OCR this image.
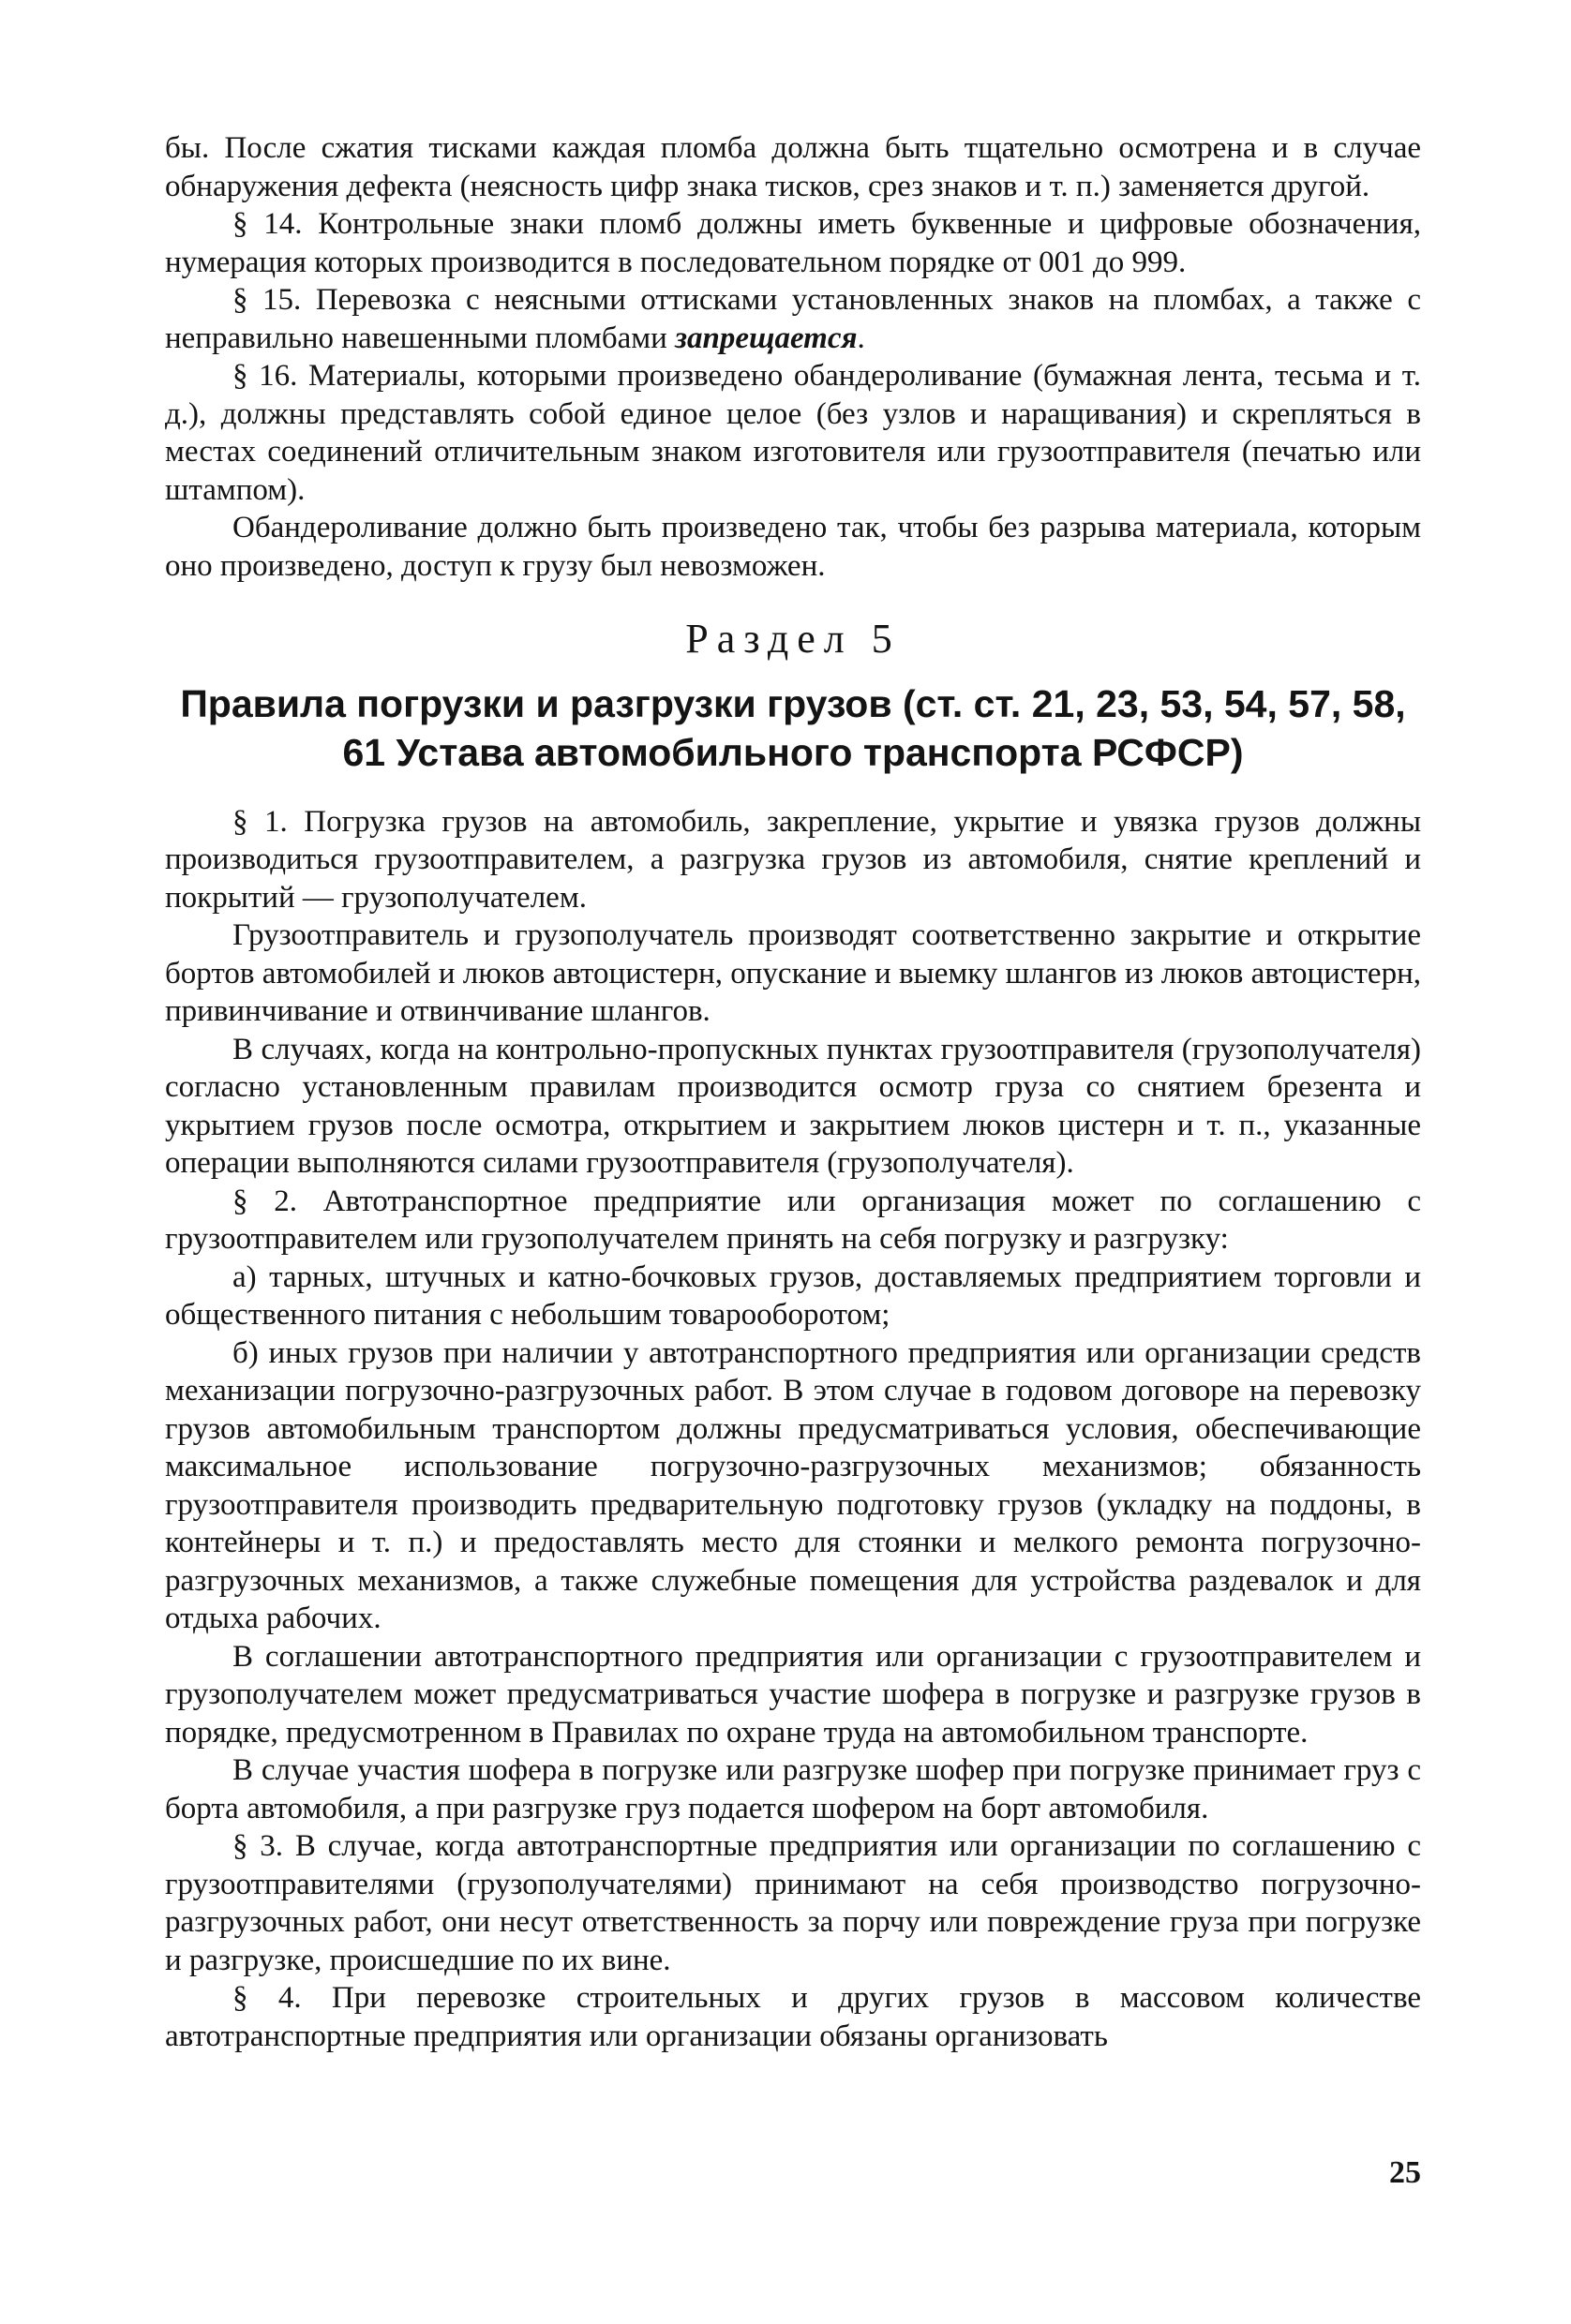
бы. После сжатия тисками каждая пломба должна быть тщательно осмотрена и в случае обнаружения дефекта (неясность цифр знака тисков, срез знаков и т. п.) заменяется другой.

§ 14. Контрольные знаки пломб должны иметь буквенные и цифровые обозначения, нумерация которых производится в последовательном порядке от 001 до 999.

§ 15. Перевозка с неясными оттисками установленных знаков на пломбах, а также с неправильно навешенными пломбами запрещается.

§ 16. Материалы, которыми произведено обандероливание (бумажная лента, тесьма и т. д.), должны представлять собой единое целое (без узлов и наращивания) и скрепляться в местах соединений отличительным знаком изготовителя или грузоотправителя (печатью или штампом).

Обандероливание должно быть произведено так, чтобы без разрыва материала, которым оно произведено, доступ к грузу был невозможен.

Раздел 5
Правила погрузки и разгрузки грузов (ст. ст. 21, 23, 53, 54, 57, 58, 61 Устава автомобильного транспорта РСФСР)

§ 1. Погрузка грузов на автомобиль, закрепление, укрытие и увязка грузов должны производиться грузоотправителем, а разгрузка грузов из автомобиля, снятие креплений и покрытий — грузополучателем.

Грузоотправитель и грузополучатель производят соответственно закрытие и открытие бортов автомобилей и люков автоцистерн, опускание и выемку шлангов из люков автоцистерн, привинчивание и отвинчивание шлангов.

В случаях, когда на контрольно-пропускных пунктах грузоотправителя (грузополучателя) согласно установленным правилам производится осмотр груза со снятием брезента и укрытием грузов после осмотра, открытием и закрытием люков цистерн и т. п., указанные операции выполняются силами грузоотправителя (грузополучателя).

§ 2. Автотранспортное предприятие или организация может по соглашению с грузоотправителем или грузополучателем принять на себя погрузку и разгрузку:

а) тарных, штучных и катно-бочковых грузов, доставляемых предприятием торговли и общественного питания с небольшим товарооборотом;

б) иных грузов при наличии у автотранспортного предприятия или организации средств механизации погрузочно-разгрузочных работ. В этом случае в годовом договоре на перевозку грузов автомобильным транспортом должны предусматриваться условия, обеспечивающие максимальное использование погрузочно-разгрузочных механизмов; обязанность грузоотправителя производить предварительную подготовку грузов (укладку на поддоны, в контейнеры и т. п.) и предоставлять место для стоянки и мелкого ремонта погрузочно-разгрузочных механизмов, а также служебные помещения для устройства раздевалок и для отдыха рабочих.

В соглашении автотранспортного предприятия или организации с грузоотправителем и грузополучателем может предусматриваться участие шофера в погрузке и разгрузке грузов в порядке, предусмотренном в Правилах по охране труда на автомобильном транспорте.

В случае участия шофера в погрузке или разгрузке шофер при погрузке принимает груз с борта автомобиля, а при разгрузке груз подается шофером на борт автомобиля.

§ 3. В случае, когда автотранспортные предприятия или организации по соглашению с грузоотправителями (грузополучателями) принимают на себя производство погрузочно-разгрузочных работ, они несут ответственность за порчу или повреждение груза при погрузке и разгрузке, происшедшие по их вине.

§ 4. При перевозке строительных и других грузов в массовом количестве автотранспортные предприятия или организации обязаны организовать

25
